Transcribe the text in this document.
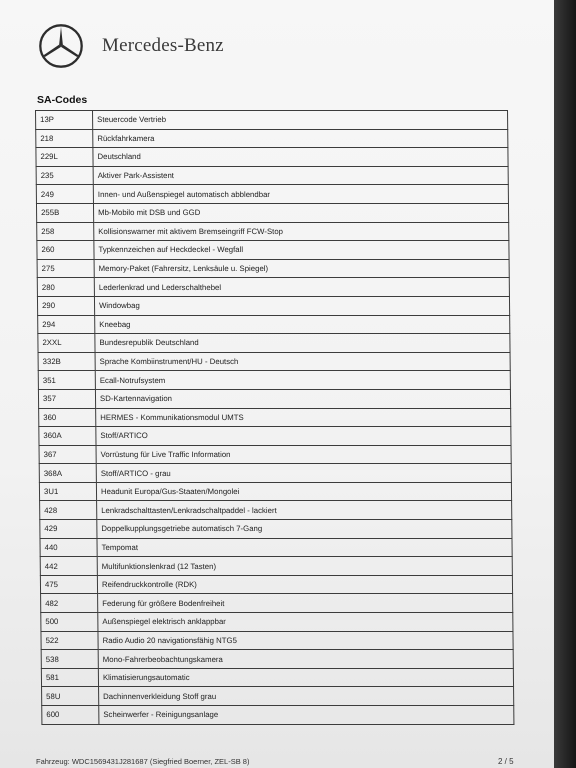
Mercedes-Benz
SA-Codes
13P	Steuercode Vertrieb
218	Rückfahrkamera
229L	Deutschland
235	Aktiver Park-Assistent
249	Innen- und Außenspiegel automatisch abblendbar
255B	Mb-Mobilo mit DSB und GGD
258	Kollisionswarner mit aktivem Bremseingriff FCW-Stop
260	Typkennzeichen auf Heckdeckel - Wegfall
275	Memory-Paket (Fahrersitz, Lenksäule u. Spiegel)
280	Lederlenkrad und Lederschalthebel
290	Windowbag
294	Kneebag
2XXL	Bundesrepublik Deutschland
332B	Sprache Kombiinstrument/HU - Deutsch
351	Ecall-Notrufsystem
357	SD-Kartennavigation
360	HERMES - Kommunikationsmodul UMTS
360A	Stoff/ARTICO
367	Vorrüstung für Live Traffic Information
368A	Stoff/ARTICO - grau
3U1	Headunit Europa/Gus-Staaten/Mongolei
428	Lenkradschalttasten/Lenkradschaltpaddel - lackiert
429	Doppelkupplungsgetriebe automatisch 7-Gang
440	Tempomat
442	Multifunktionslenkrad (12 Tasten)
475	Reifendruckkontrolle (RDK)
482	Federung für größere Bodenfreiheit
500	Außenspiegel elektrisch anklappbar
522	Radio Audio 20 navigationsfähig NTG5
538	Mono-Fahrerbeobachtungskamera
581	Klimatisierungsautomatic
58U	Dachinnenverkleidung Stoff grau
600	Scheinwerfer - Reinigungsanlage
Fahrzeug: WDC1569431J281687 (Siegfried Boerner, ZEL-SB 8)	2 / 5
